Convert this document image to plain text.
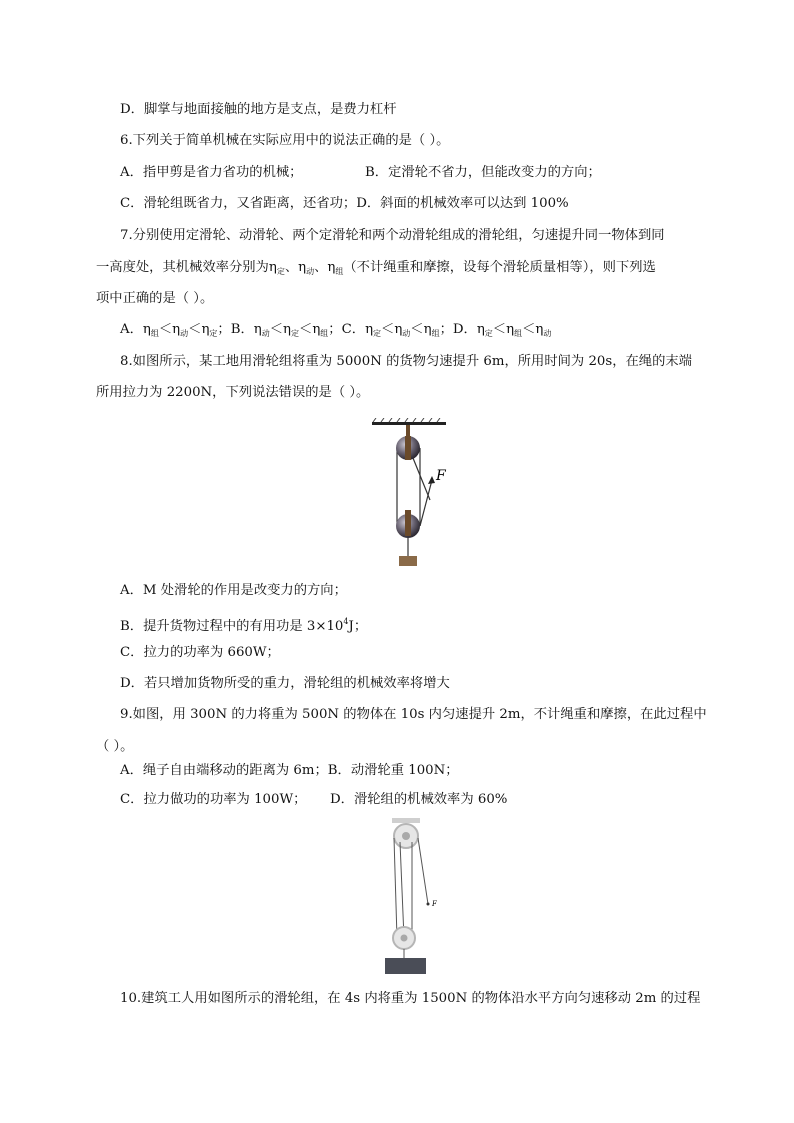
D．脚掌与地面接触的地方是支点，是费力杠杆
6.下列关于简单机械在实际应用中的说法正确的是（ ）。
A．指甲剪是省力省功的机械；	B．定滑轮不省力，但能改变力的方向；
C．滑轮组既省力，又省距离，还省功；D．斜面的机械效率可以达到 100%
7.分别使用定滑轮、动滑轮、两个定滑轮和两个动滑轮组成的滑轮组，匀速提升同一物体到同
一高度处，其机械效率分别为$\eta_定$、$\eta_动$、$\eta_组$（不计绳重和摩擦，设每个滑轮质量相等），则下列选
项中正确的是（ ）。
A．$\eta_组<\eta_动<\eta_定$；B．$\eta_动<\eta_定<\eta_组$；C．$\eta_定<\eta_动<\eta_组$；D．$\eta_定<\eta_组<\eta_动$
8.如图所示，某工地用滑轮组将重为 5000N 的货物匀速提升 6m，所用时间为 20s，在绳的末端
所用拉力为 2200N，下列说法错误的是（ ）。
F
A．M 处滑轮的作用是改变力的方向；
B．提升货物过程中的有用功是 $3\times 10^4J$；
C．拉力的功率为 660W；
D．若只增加货物所受的重力，滑轮组的机械效率将增大
9.如图，用 300N 的力将重为 500N 的物体在 10s 内匀速提升 2m，不计绳重和摩擦，在此过程中
（ ）。
A．绳子自由端移动的距离为 6m；B．动滑轮重 100N；
C．拉力做功的功率为 100W； D．滑轮组的机械效率为 60%
F
10.建筑工人用如图所示的滑轮组，在 4s 内将重为 1500N 的物体沿水平方向匀速移动 2m 的过程
